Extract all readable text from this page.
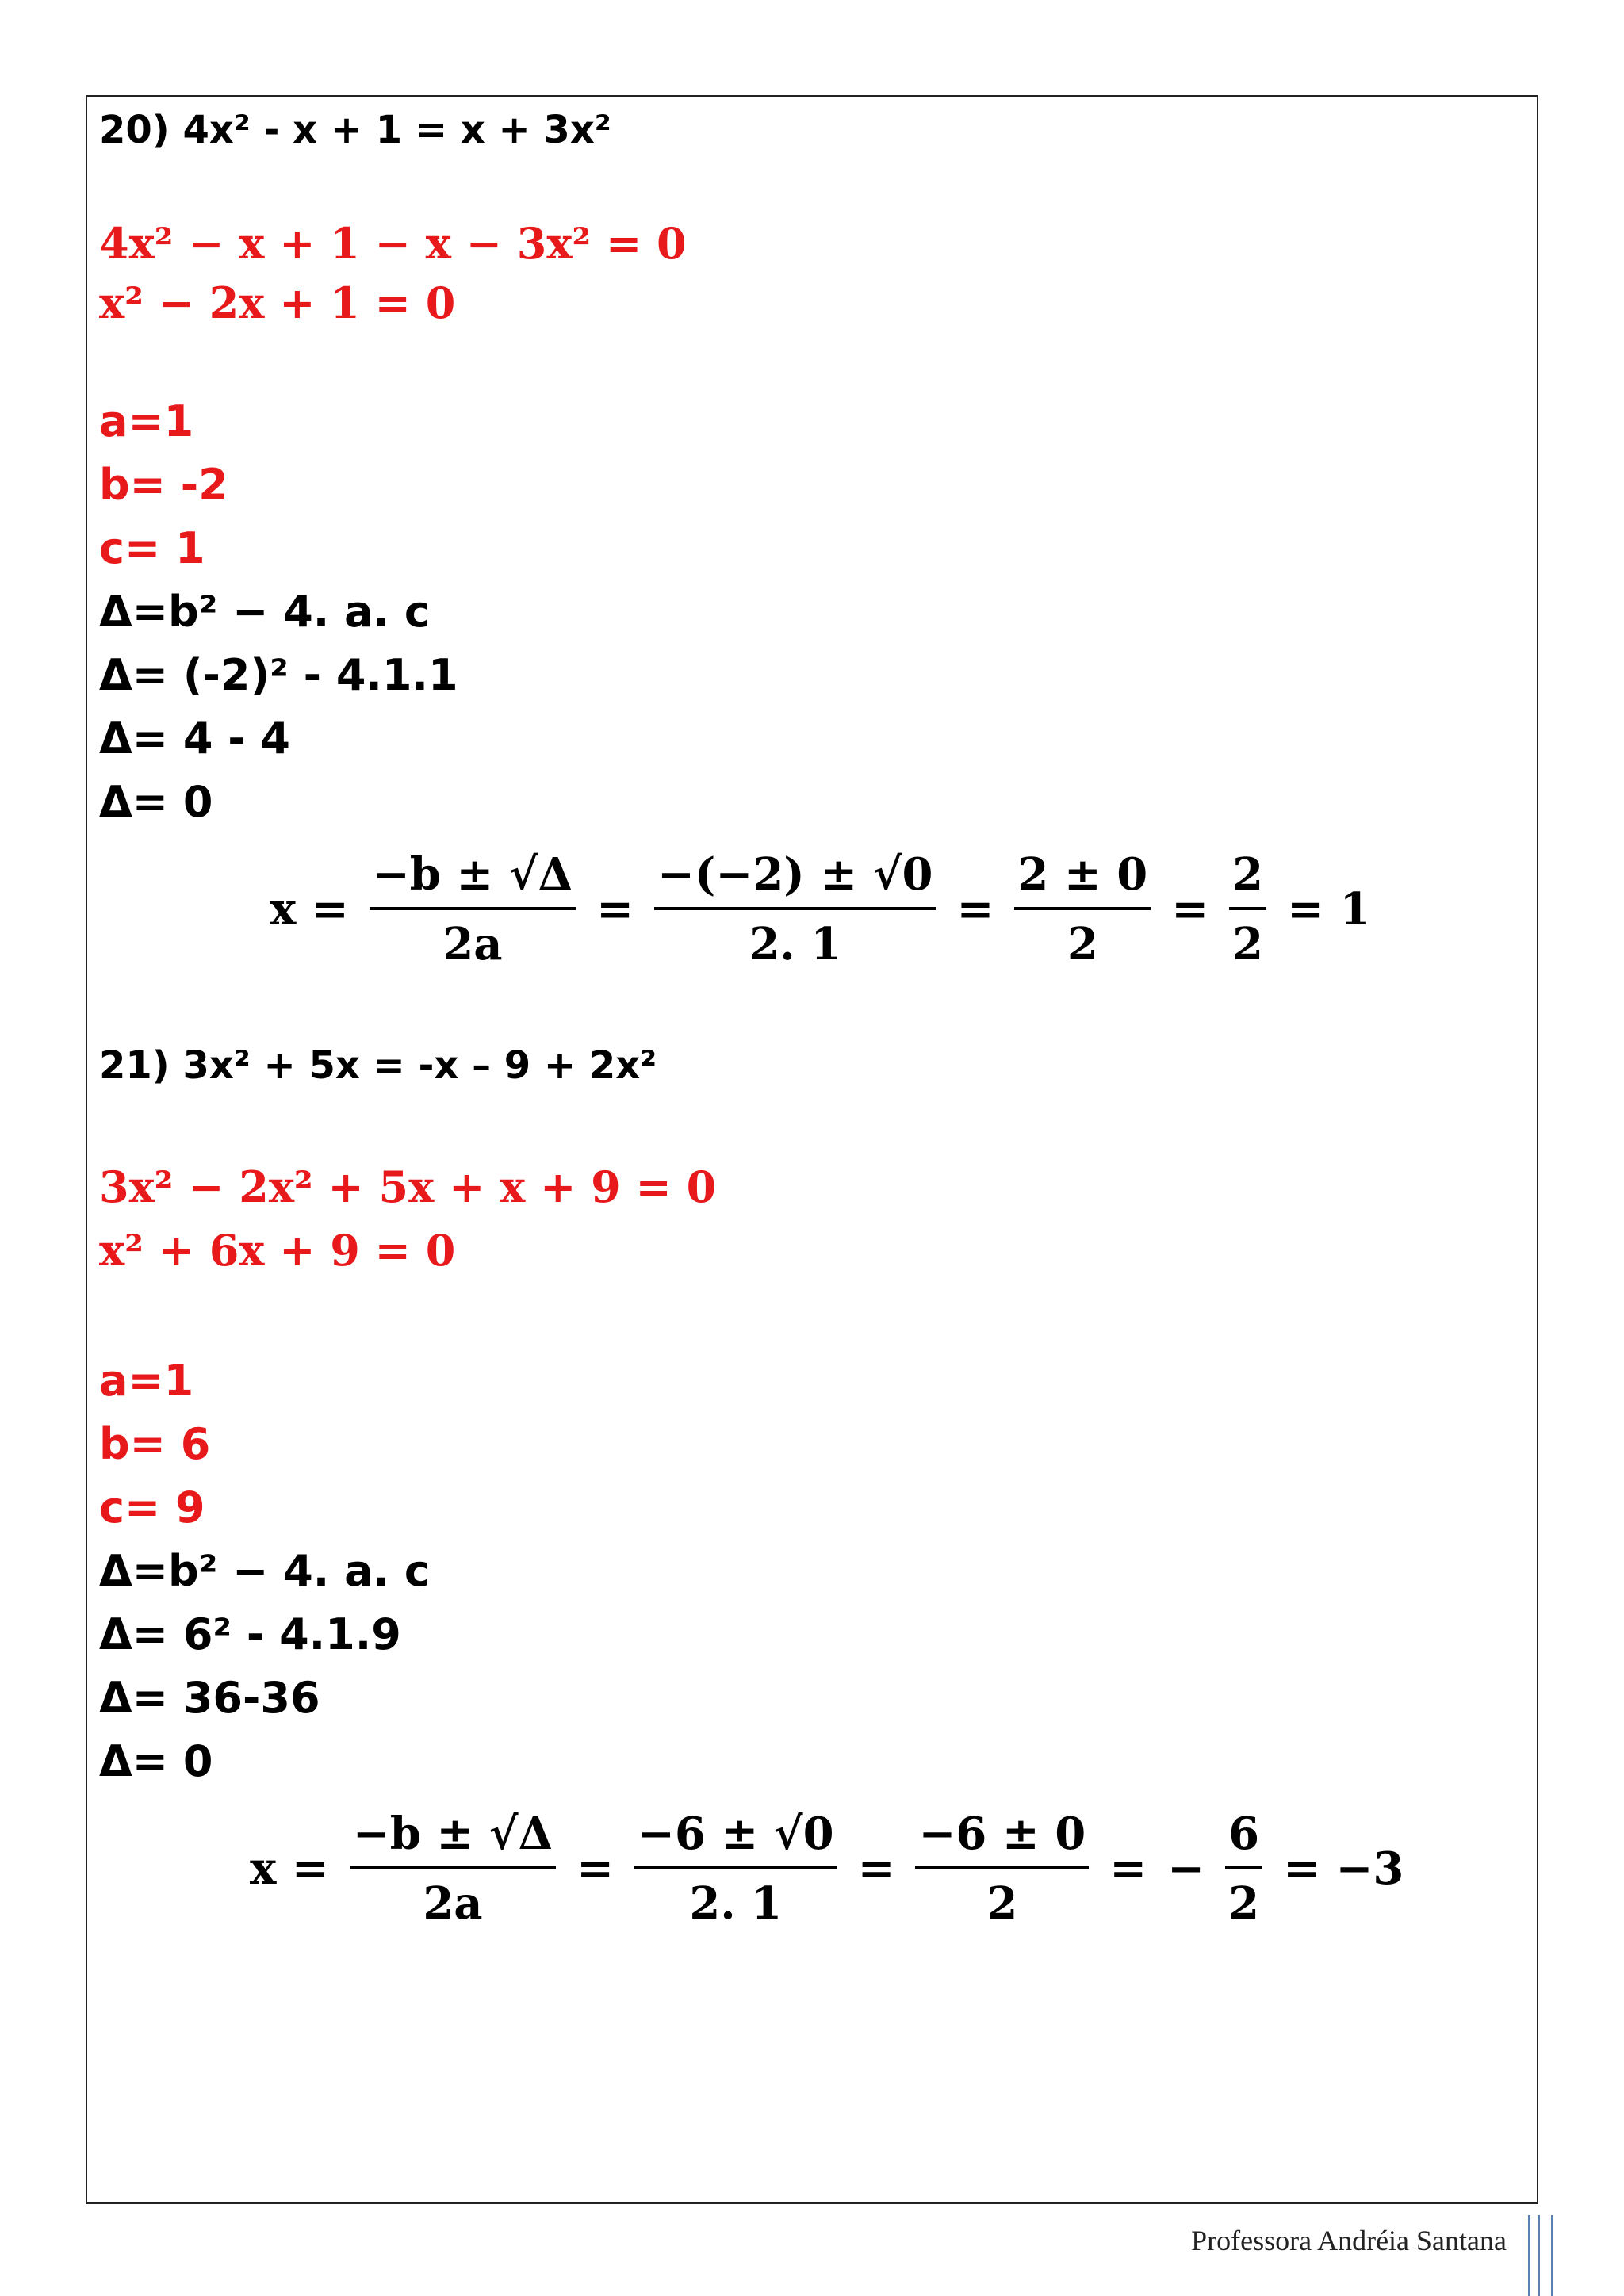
20) 4x² - x + 1 = x + 3x²
4x² − x + 1 − x − 3x² = 0
x² − 2x + 1 = 0
a=1
b= -2
c= 1
Δ=b² − 4. a. c
Δ= (-2)² - 4.1.1
Δ= 4 - 4
Δ= 0
$x = \frac{-b \pm √\Delta}{2a} = \frac{-(-2) \pm √0}{2. 1} = \frac{2 \pm 0}{2} = \frac{2}{2} = 1$
21) 3x² + 5x = -x – 9 + 2x²
3x² − 2x² + 5x + x + 9 = 0
x² + 6x + 9 = 0
a=1
b= 6
c= 9
Δ=b² − 4. a. c
Δ= 6² - 4.1.9
Δ= 36-36
Δ= 0
$x = \frac{-b \pm √\Delta}{2a} = \frac{-6 \pm √0}{2. 1} = \frac{-6 \pm 0}{2}$ = − $\frac{6}{2} = -3$
Professora Andréia Santana
